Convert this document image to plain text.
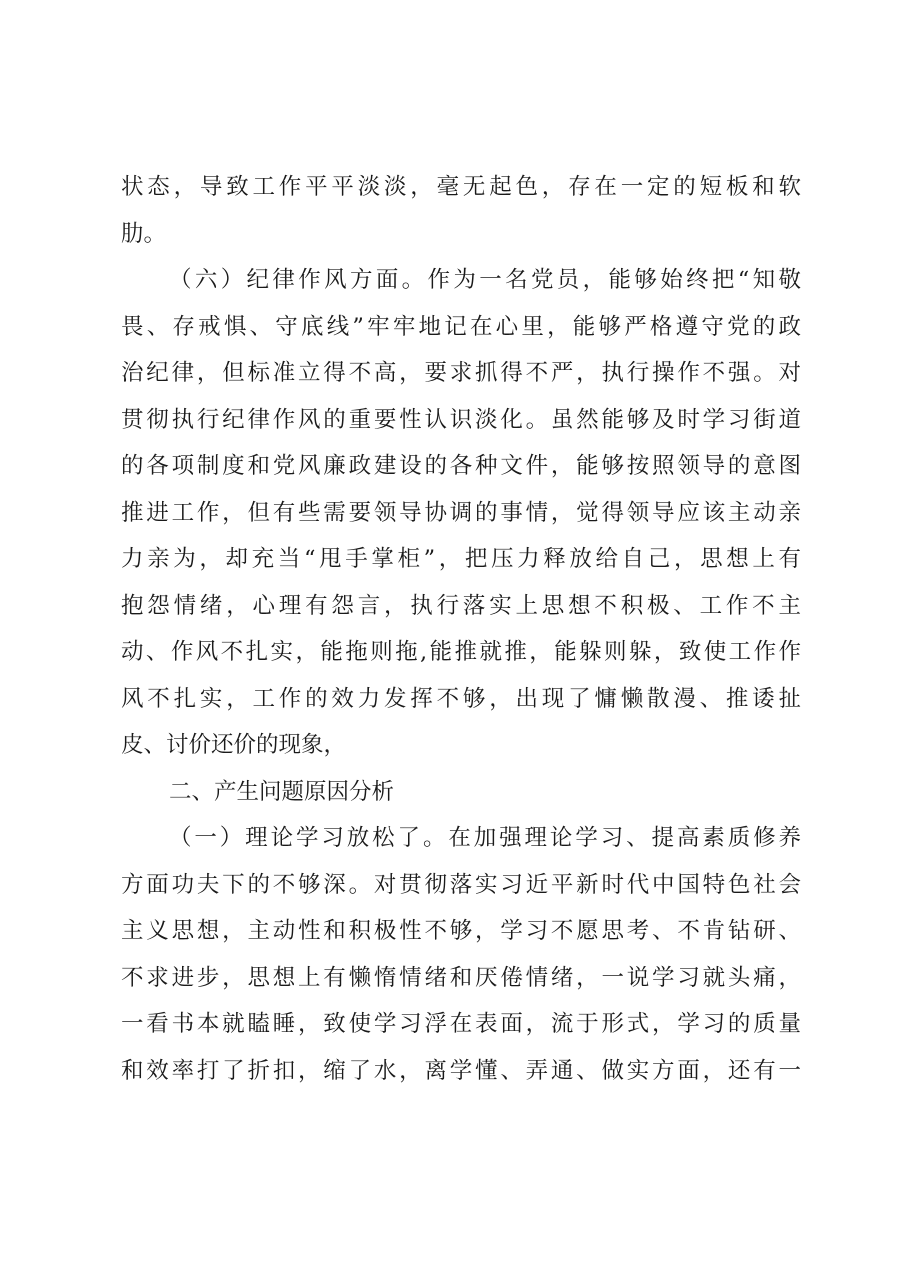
状态，导致工作平平淡淡，毫无起色，存在一定的短板和软
肋。
（六）纪律作风方面。作为一名党员，能够始终把“知敬
畏、存戒惧、守底线”牢牢地记在心里，能够严格遵守党的政
治纪律，但标准立得不高，要求抓得不严，执行操作不强。对
贯彻执行纪律作风的重要性认识淡化。虽然能够及时学习街道
的各项制度和党风廉政建设的各种文件，能够按照领导的意图
推进工作，但有些需要领导协调的事情，觉得领导应该主动亲
力亲为，却充当“甩手掌柜”，把压力释放给自己，思想上有
抱怨情绪，心理有怨言，执行落实上思想不积极、工作不主
动、作风不扎实，能拖则拖,能推就推，能躲则躲，致使工作作
风不扎实，工作的效力发挥不够，出现了慵懒散漫、推诿扯
皮、讨价还价的现象，
二、产生问题原因分析
（一）理论学习放松了。在加强理论学习、提高素质修养
方面功夫下的不够深。对贯彻落实习近平新时代中国特色社会
主义思想，主动性和积极性不够，学习不愿思考、不肯钻研、
不求进步，思想上有懒惰情绪和厌倦情绪，一说学习就头痛，
一看书本就瞌睡，致使学习浮在表面，流于形式，学习的质量
和效率打了折扣，缩了水，离学懂、弄通、做实方面，还有一
